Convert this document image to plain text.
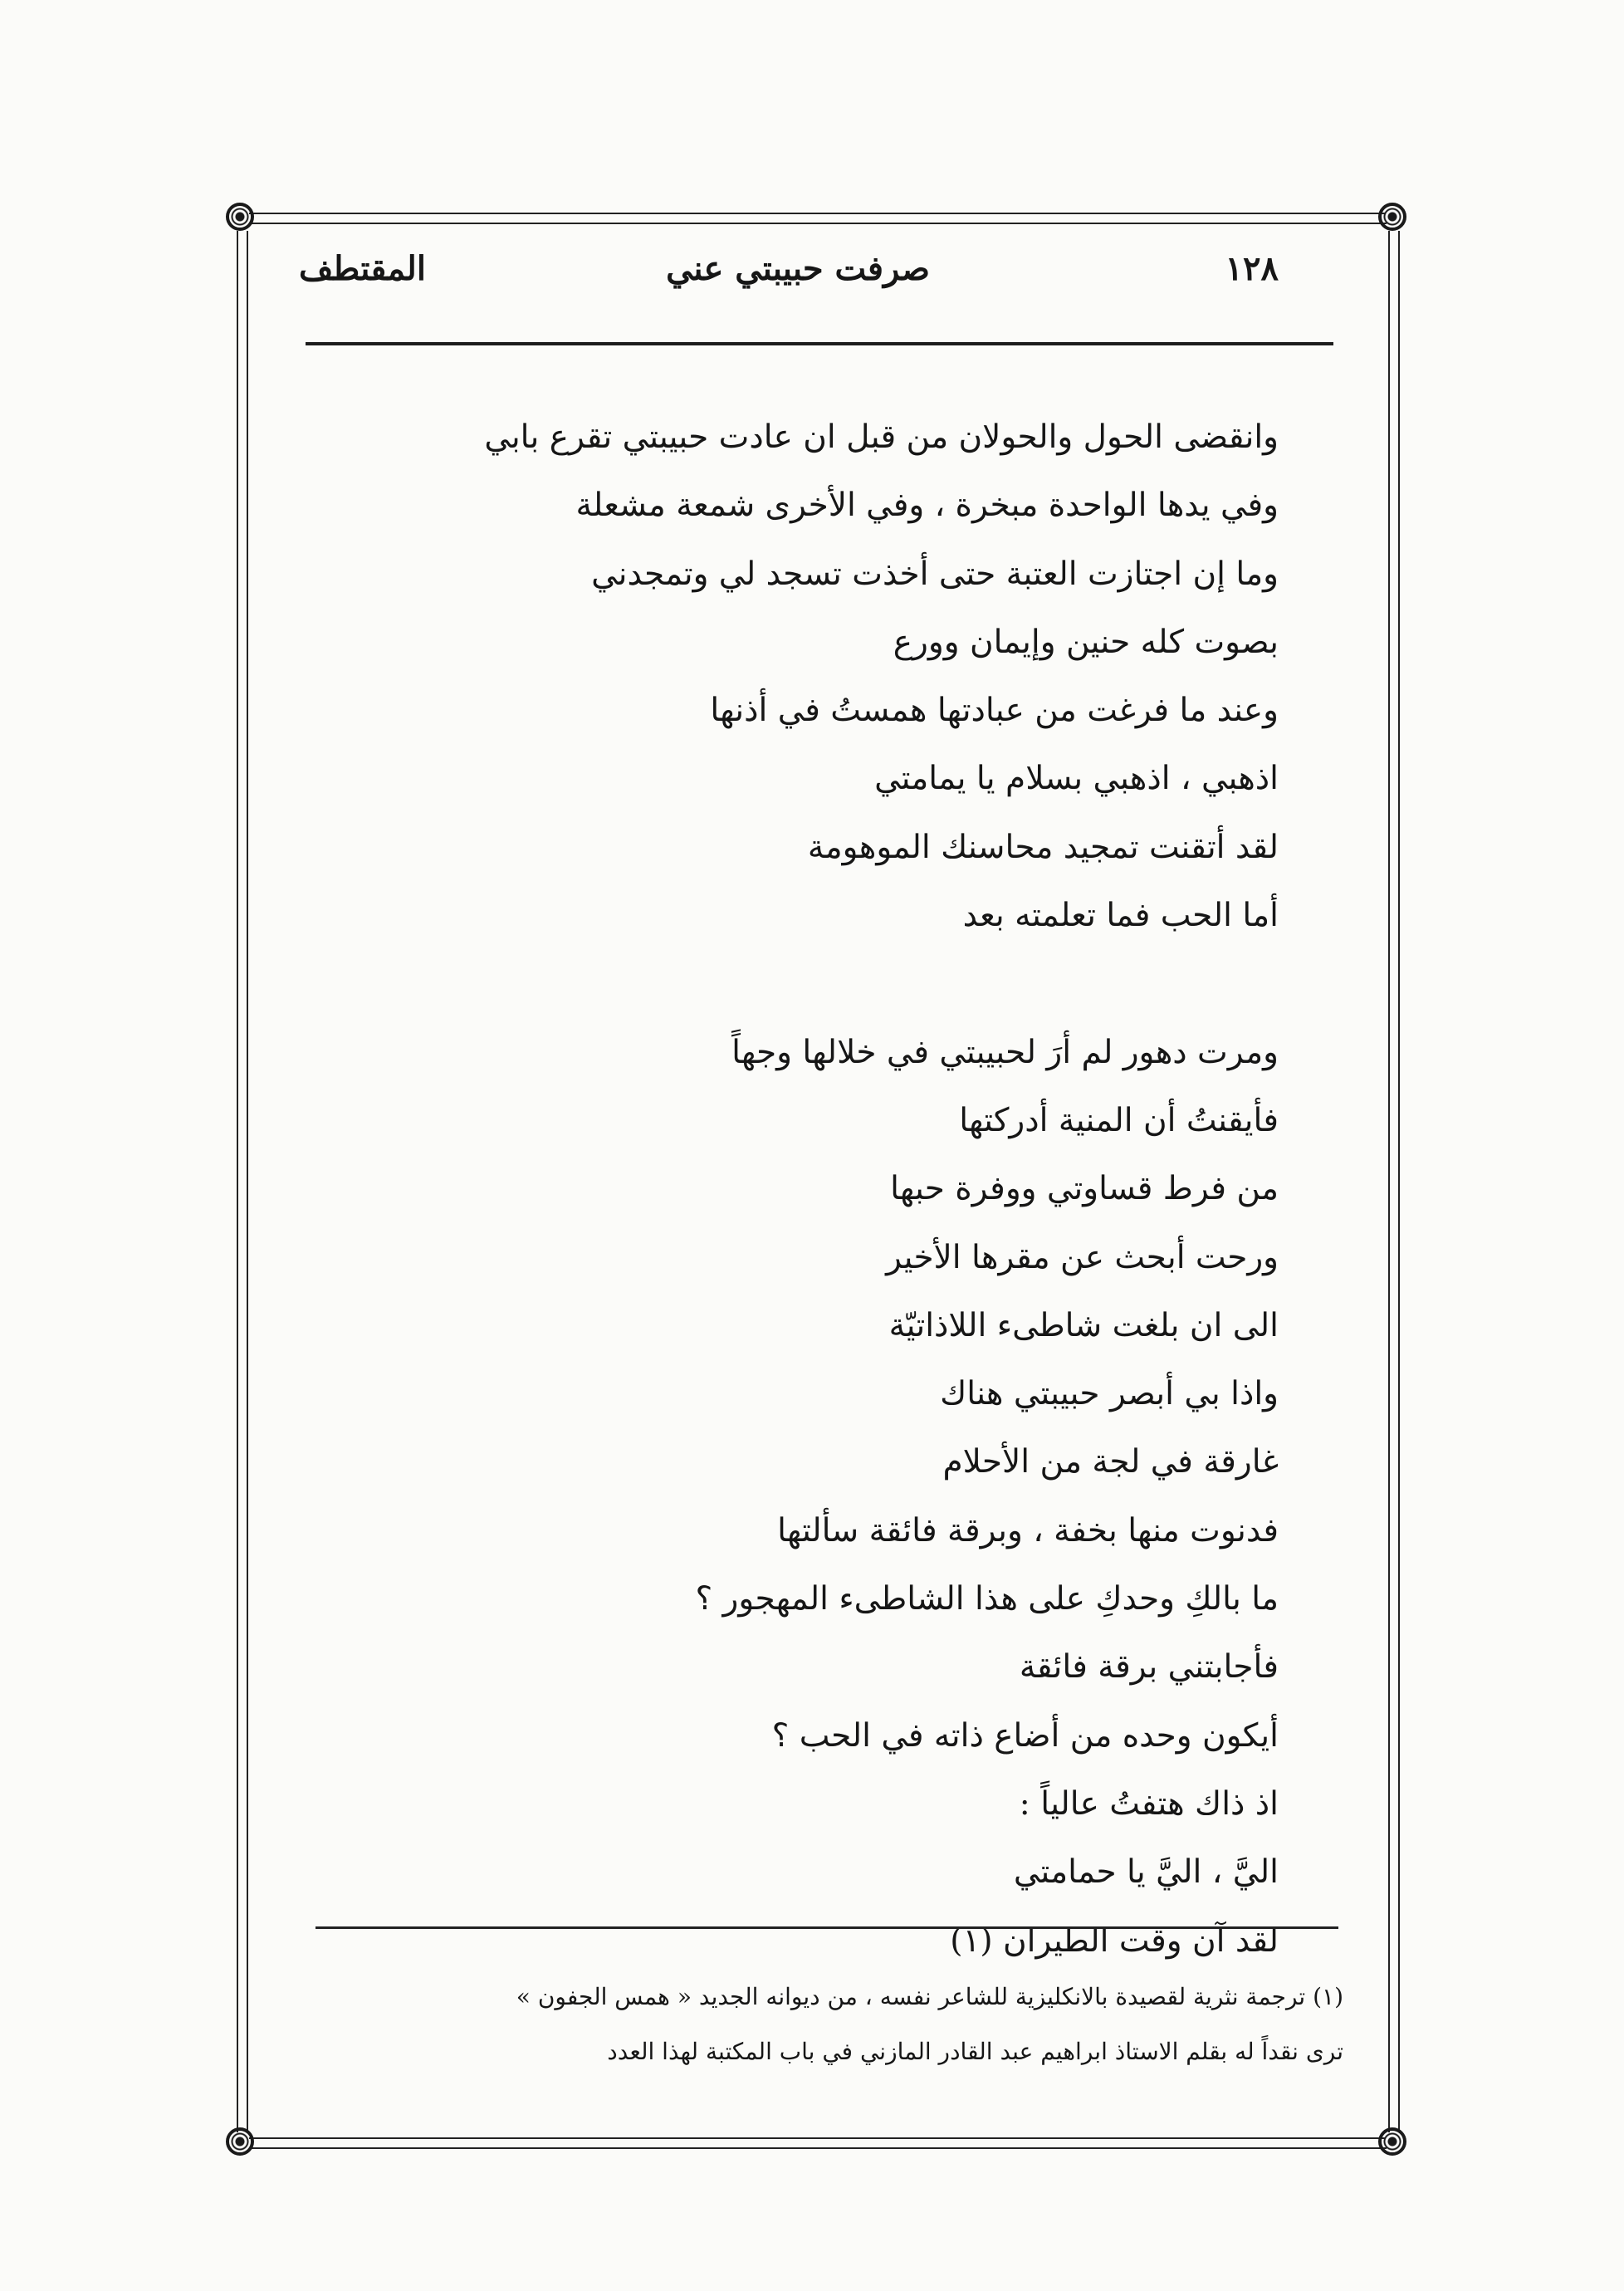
١٢٨
صرفت حبيبتي عني
المقتطف
وانقضى الحول والحولان من قبل ان عادت حبيبتي تقرع بابي
وفي يدها الواحدة مبخرة ، وفي الأخرى شمعة مشعلة
وما إن اجتازت العتبة حتى أخذت تسجد لي وتمجدني
بصوت كله حنين وإيمان وورع
وعند ما فرغت من عبادتها همستُ في أذنها
اذهبي ، اذهبي بسلام يا يمامتي
لقد أتقنت تمجيد محاسنك الموهومة
أما الحب فما تعلمته بعد
ومرت دهور لم أرَ لحبيبتي في خلالها وجهاً
فأيقنتُ أن المنية أدركتها
من فرط قساوتي ووفرة حبها
ورحت أبحث عن مقرها الأخير
الى ان بلغت شاطىء اللاذاتيّة
واذا بي أبصر حبيبتي هناك
غارقة في لجة من الأحلام
فدنوت منها بخفة ، وبرقة فائقة سألتها
ما بالكِ وحدكِ على هذا الشاطىء المهجور ؟
فأجابتني برقة فائقة
أيكون وحده من أضاع ذاته في الحب ؟
اذ ذاك هتفتُ عالياً :
اليَّ ، اليَّ يا حمامتي
لقد آن وقت الطيران (١)
(١) ترجمة نثرية لقصيدة بالانكليزية للشاعر نفسه ، من ديوانه الجديد « همس الجفون »
ترى نقداً له بقلم الاستاذ ابراهيم عبد القادر المازني في باب المكتبة لهذا العدد
